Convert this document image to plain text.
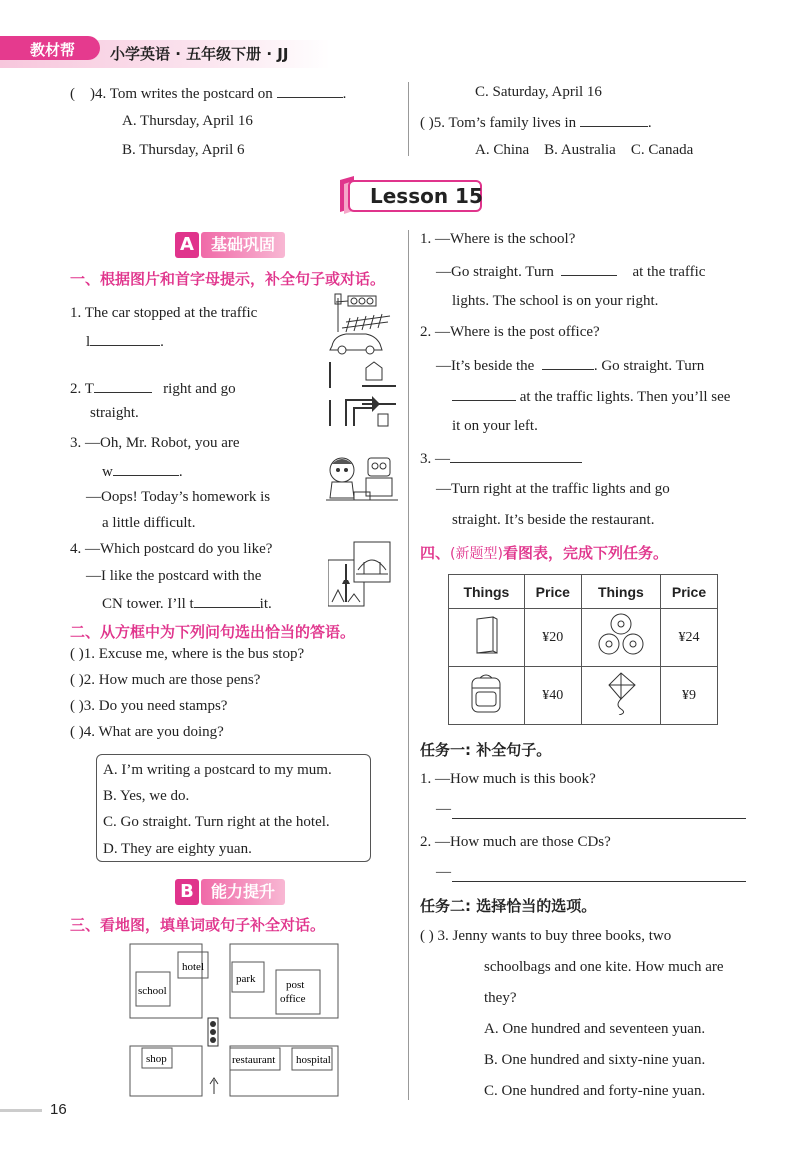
教材帮	小学英语 · 五年级下册 · JJ
( )4. Tom writes the postcard on	.
A. Thursday, April 16
B. Thursday, April 6
C. Saturday, April 16
( )5. Tom’s family lives in	.
A. China B. Australia C. Canada
Lesson 15
A 基础巩固
一、根据图片和首字母提示，补全句子或对话。
1. The car stopped at the traffic
l	.
2. T	right and go
straight.
3. —Oh, Mr. Robot, you are
w	.
—Oops! Today’s homework is
a little difficult.
4. —Which postcard do you like?
—I like the postcard with the
CN tower. I’ll t	it.
二、从方框中为下列问句选出恰当的答语。
( )1. Excuse me, where is the bus stop?
( )2. How much are those pens?
( )3. Do you need stamps?
( )4. What are you doing?
A. I’m writing a postcard to my mum.
B. Yes, we do.
C. Go straight. Turn right at the hotel.
D. They are eighty yuan.
B 能力提升
三、看地图，填单词或句子补全对话。
school
hotel
park	post
office
shop	restaurant hospital
1. —Where is the school?
—Go straight. Turn	at the traffic
lights. The school is on your right.
2. —Where is the post office?
—It’s beside the	. Go straight. Turn
at the traffic lights. Then you’ll see
it on your left.
3. —
—Turn right at the traffic lights and go
straight. It’s beside the restaurant.
四、(新题型)看图表，完成下列任务。
Things	Price	Things	Price
	¥20		¥24
	¥40		¥9
任务一: 补全句子。
1. —How much is this book?
—
2. —How much are those CDs?
—
任务二: 选择恰当的选项。
( ) 3. Jenny wants to buy three books, two
schoolbags and one kite. How much are
they?
A. One hundred and seventeen yuan.
B. One hundred and sixty-nine yuan.
C. One hundred and forty-nine yuan.
16
